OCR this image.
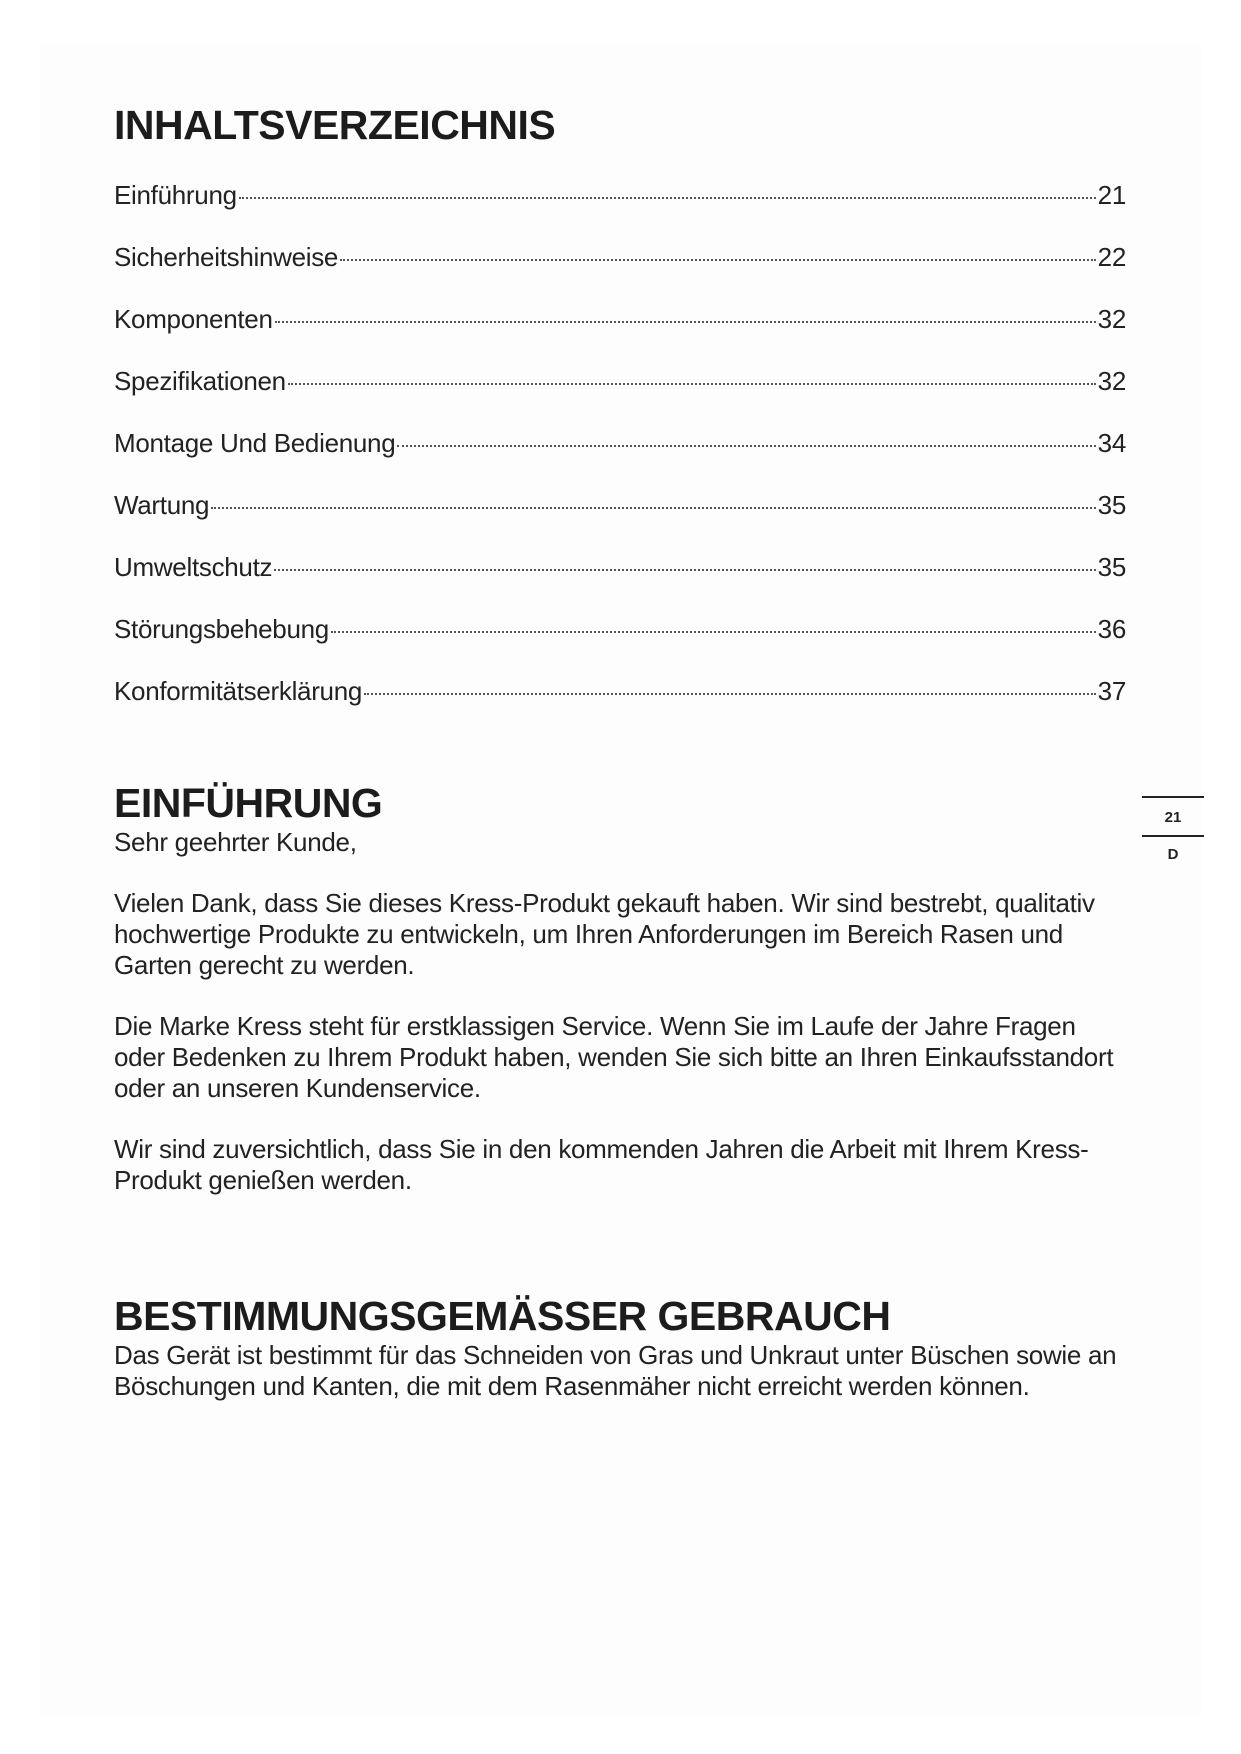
INHALTSVERZEICHNIS
Einführung	21
Sicherheitshinweise	22
Komponenten	32
Spezifikationen	32
Montage Und Bedienung	34
Wartung	35
Umweltschutz	35
Störungsbehebung	36
Konformitätserklärung	37
EINFÜHRUNG

Sehr geehrter Kunde,

Vielen Dank, dass Sie dieses Kress-Produkt gekauft haben. Wir sind bestrebt, qualitativ hochwertige Produkte zu entwickeln, um Ihren Anforderungen im Bereich Rasen und Garten gerecht zu werden.

Die Marke Kress steht für erstklassigen Service. Wenn Sie im Laufe der Jahre Fragen oder Bedenken zu Ihrem Produkt haben, wenden Sie sich bitte an Ihren Einkaufsstandort oder an unseren Kundenservice.

Wir sind zuversichtlich, dass Sie in den kommenden Jahren die Arbeit mit Ihrem Kress-Produkt genießen werden.

BESTIMMUNGSGEMÄSSER GEBRAUCH

Das Gerät ist bestimmt für das Schneiden von Gras und Unkraut unter Büschen sowie an Böschungen und Kanten, die mit dem Rasenmäher nicht erreicht werden können.

21
D
